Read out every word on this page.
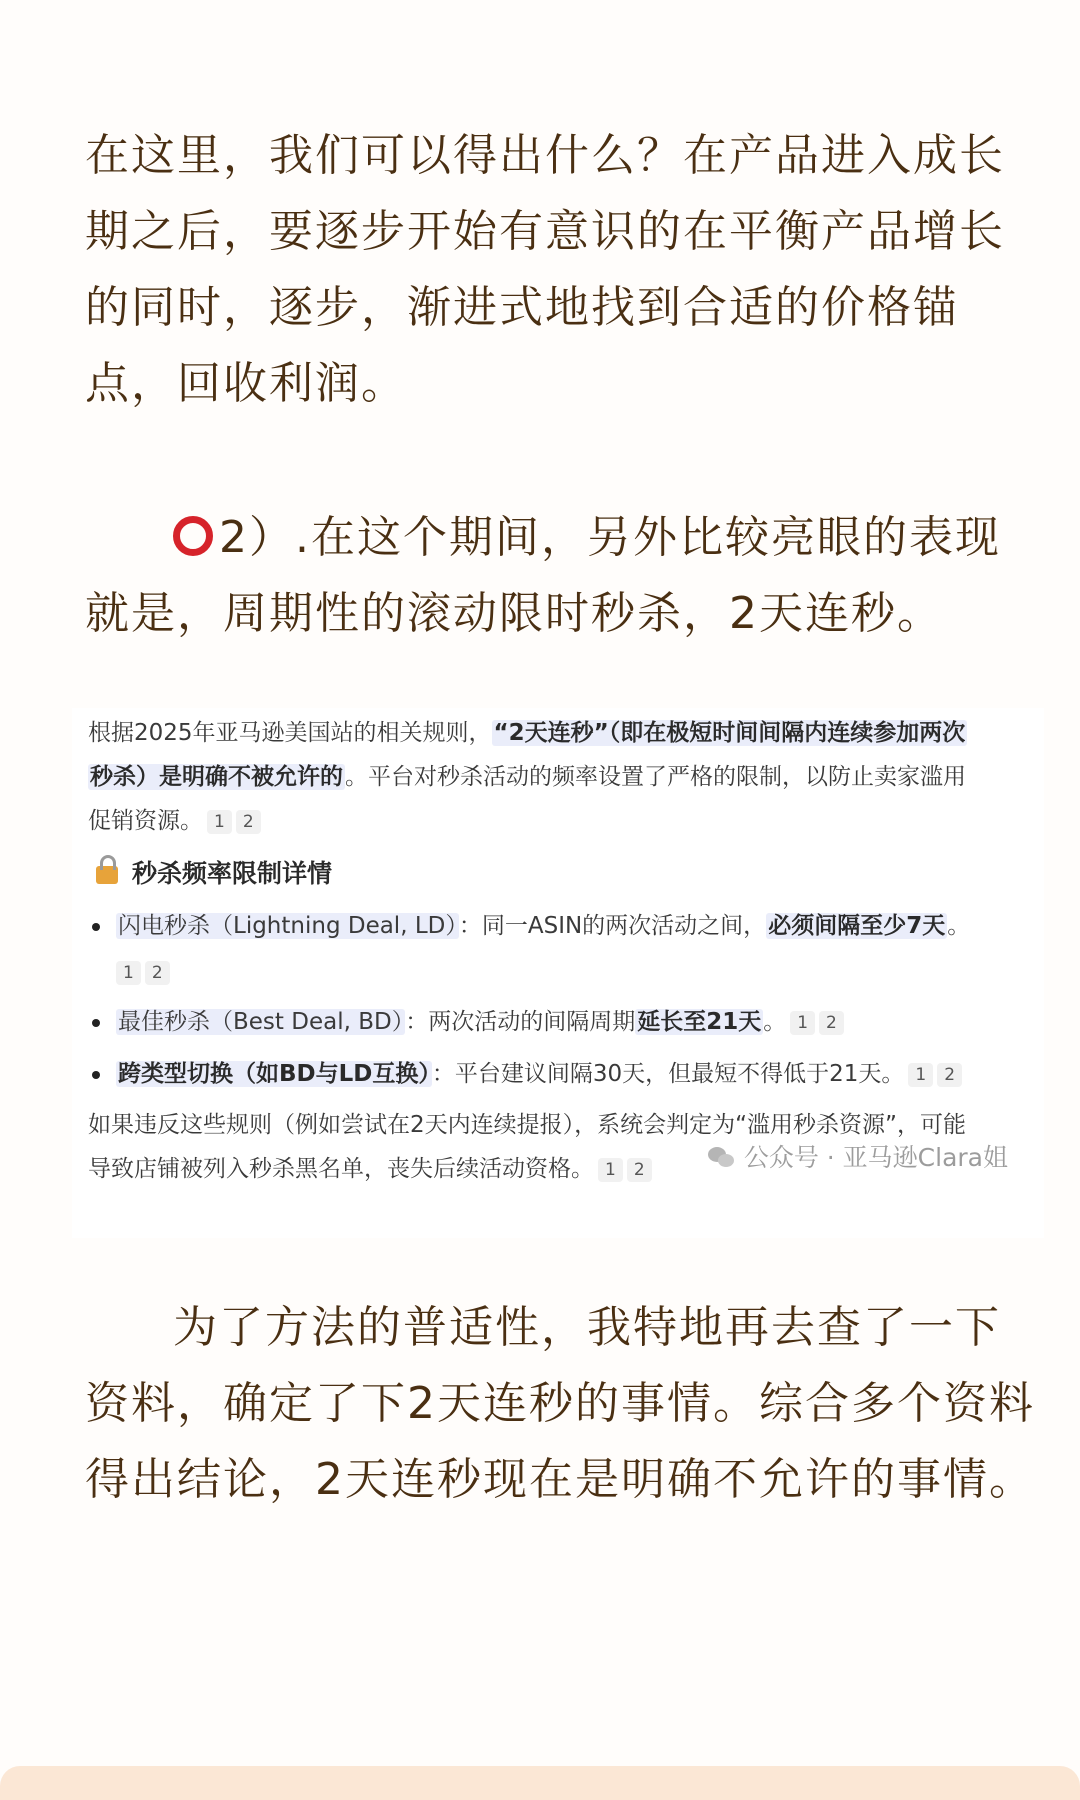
在这里，我们可以得出什么？在产品进入成长期之后，要逐步开始有意识的在平衡产品增长的同时，逐步，渐进式地找到合适的价格锚点，回收利润。

2）.在这个期间，另外比较亮眼的表现就是，周期性的滚动限时秒杀，2天连秒。

根据2025年亚马逊美国站的相关规则，“2天连秒”（即在极短时间间隔内连续参加两次
秒杀）是明确不被允许的。平台对秒杀活动的频率设置了严格的限制，以防止卖家滥用
促销资源。 1 2
秒杀频率限制详情
闪电秒杀（Lightning Deal, LD）：同一ASIN的两次活动之间，必须间隔至少7天。
1 2
最佳秒杀（Best Deal, BD）：两次活动的间隔周期延长至21天。 1 2
跨类型切换（如BD与LD互换）：平台建议间隔30天，但最短不得低于21天。 1 2
如果违反这些规则（例如尝试在2天内连续提报），系统会判定为“滥用秒杀资源”，可能
导致店铺被列入秒杀黑名单，丧失后续活动资格。 1 2	公众号 · 亚马逊Clara姐

为了方法的普适性，我特地再去查了一下资料，确定了下2天连秒的事情。综合多个资料得出结论，2天连秒现在是明确不允许的事情。
